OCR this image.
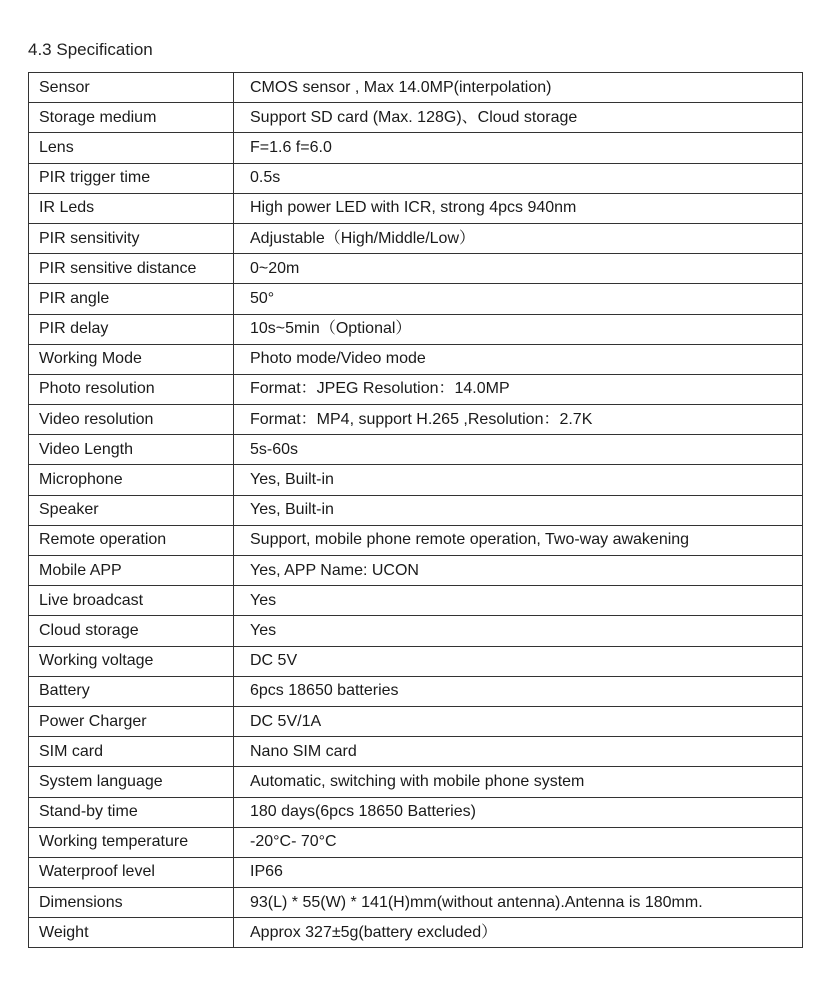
4.3 Specification
Sensor	CMOS sensor , Max 14.0MP(interpolation)
Storage medium	Support SD card (Max. 128G)、Cloud storage
Lens	F=1.6 f=6.0
PIR trigger time	0.5s
IR Leds	High power LED with ICR, strong 4pcs 940nm
PIR sensitivity	Adjustable（High/Middle/Low）
PIR sensitive distance	0~20m
PIR angle	50°
PIR delay	10s~5min（Optional）
Working Mode	Photo mode/Video mode
Photo resolution	Format：JPEG Resolution：14.0MP
Video resolution	Format：MP4, support H.265 ,Resolution：2.7K
Video Length	5s-60s
Microphone	Yes, Built-in
Speaker	Yes, Built-in
Remote operation	Support, mobile phone remote operation, Two-way awakening
Mobile APP	Yes, APP Name: UCON
Live broadcast	Yes
Cloud storage	Yes
Working voltage	DC 5V
Battery	6pcs 18650 batteries
Power Charger	DC 5V/1A
SIM card	Nano SIM card
System language	Automatic, switching with mobile phone system
Stand-by time	180 days(6pcs 18650 Batteries)
Working temperature	-20°C- 70°C
Waterproof level	IP66
Dimensions	93(L) * 55(W) * 141(H)mm(without antenna).Antenna is 180mm.
Weight	Approx 327±5g(battery excluded）
